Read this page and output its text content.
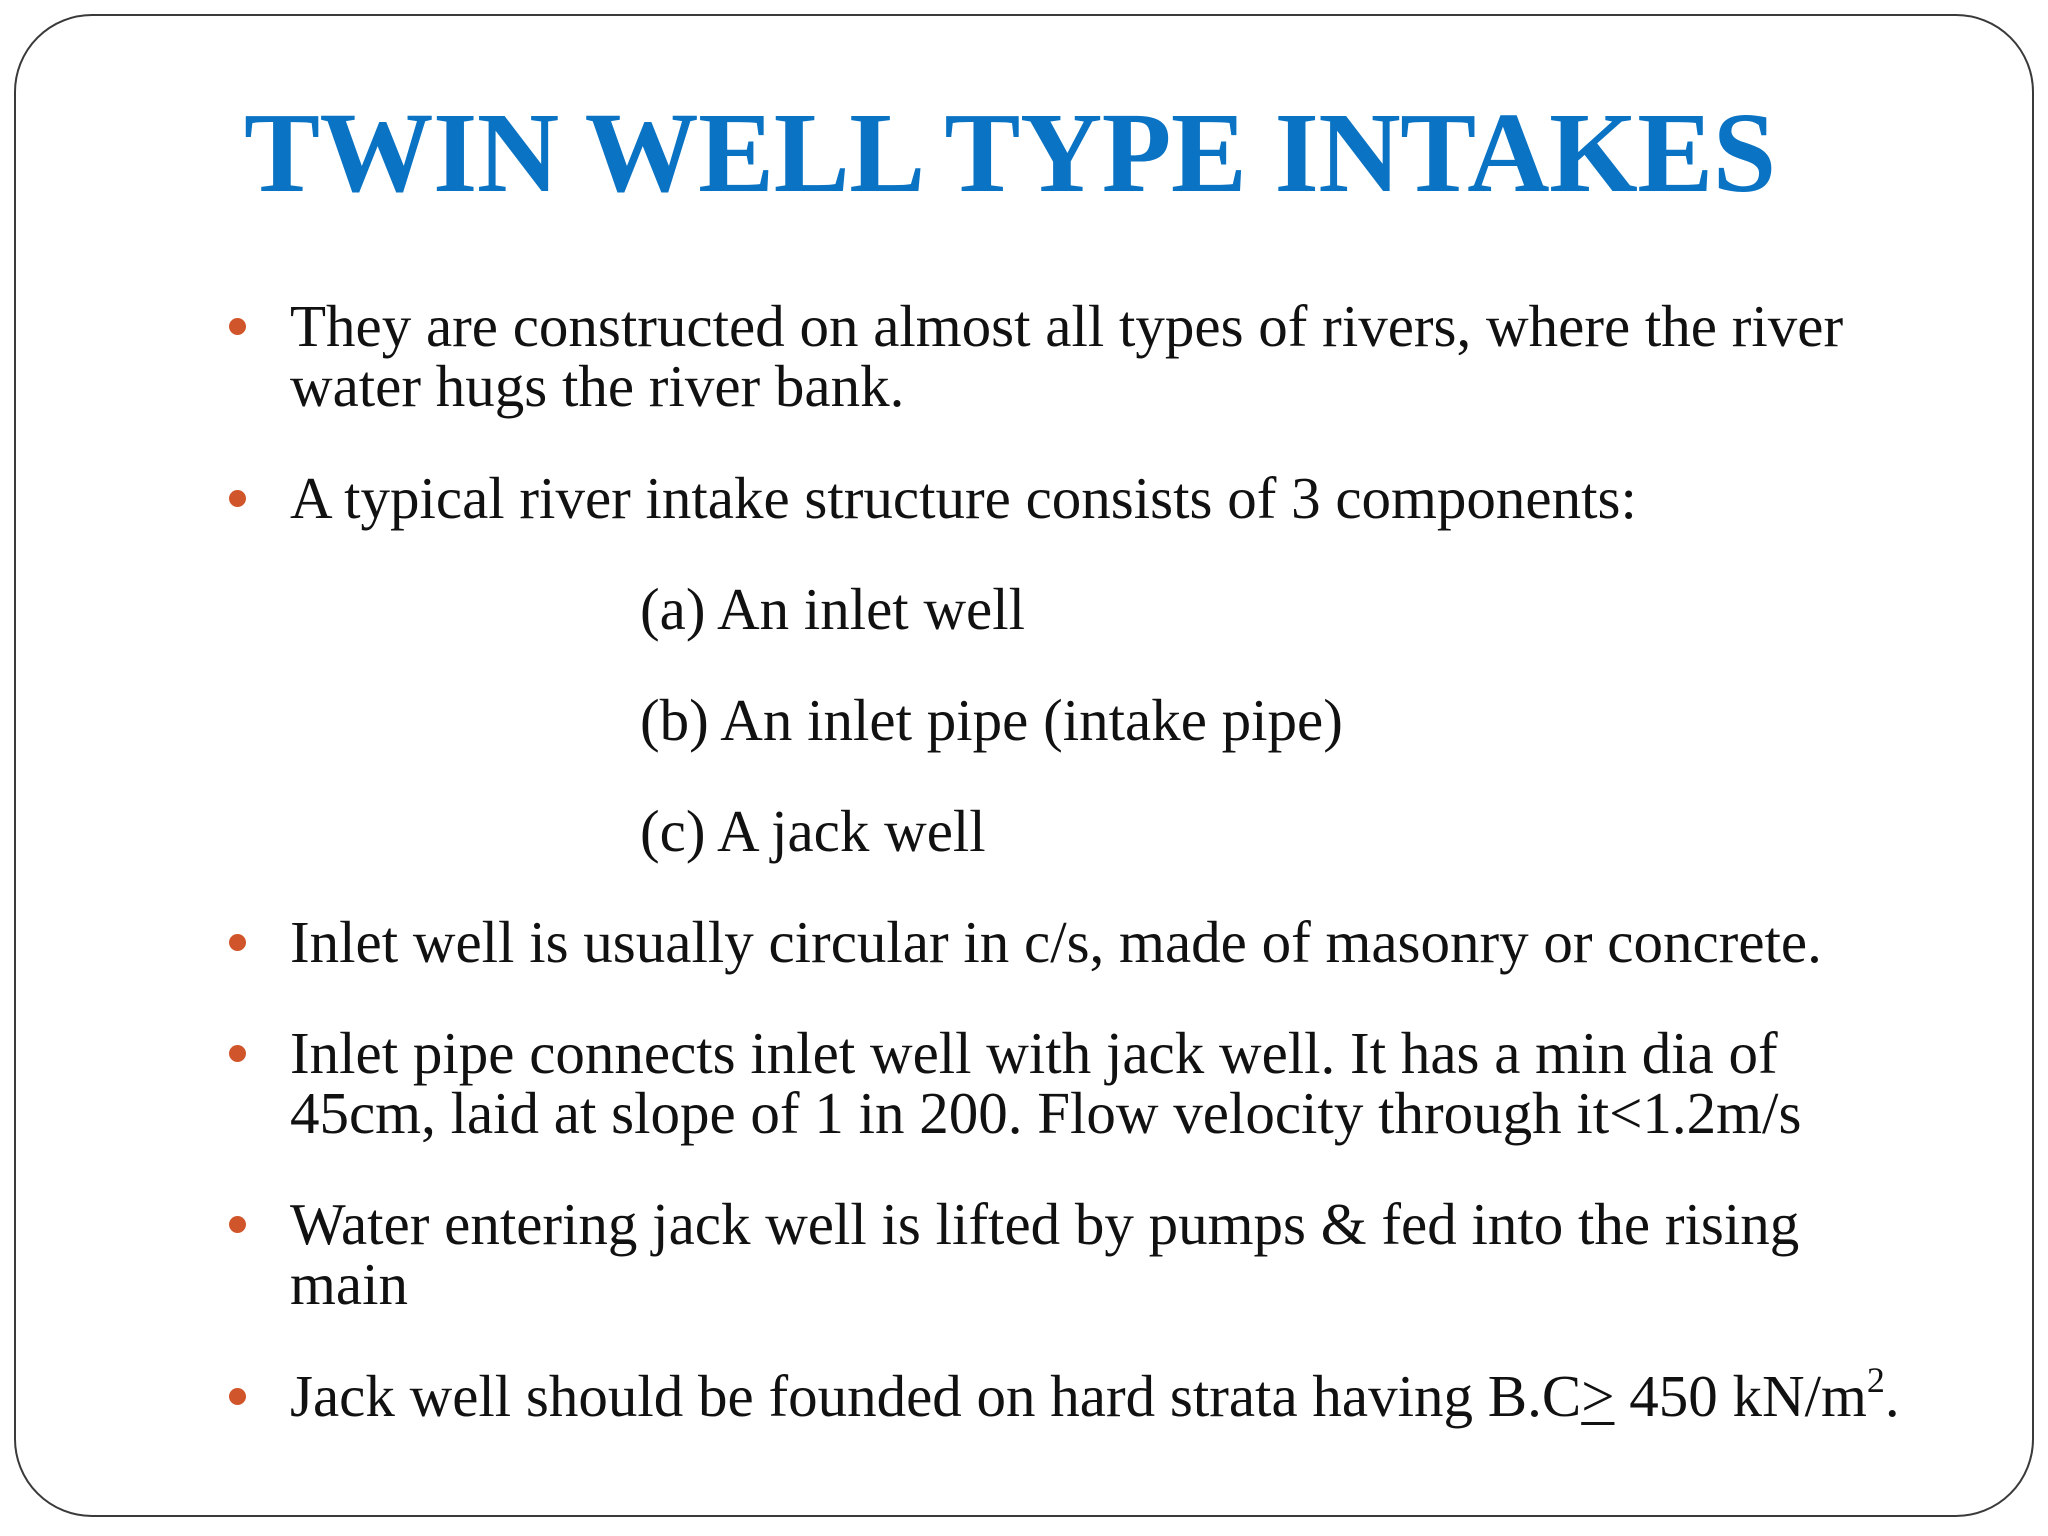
TWIN WELL TYPE INTAKES
They are constructed on almost all types of rivers, where the river
water hugs the river bank.
A typical river intake structure consists of 3 components:
(a) An inlet well
(b) An inlet pipe (intake pipe)
(c) A jack well
Inlet well is usually circular in c/s, made of masonry or concrete.
Inlet pipe connects inlet well with jack well. It has a min dia of
45cm, laid at slope of 1 in 200. Flow velocity through it<1.2m/s
Water entering jack well is lifted by pumps & fed into the rising
main
Jack well should be founded on hard strata having B.C≥ 450 $kN/m^2$.
